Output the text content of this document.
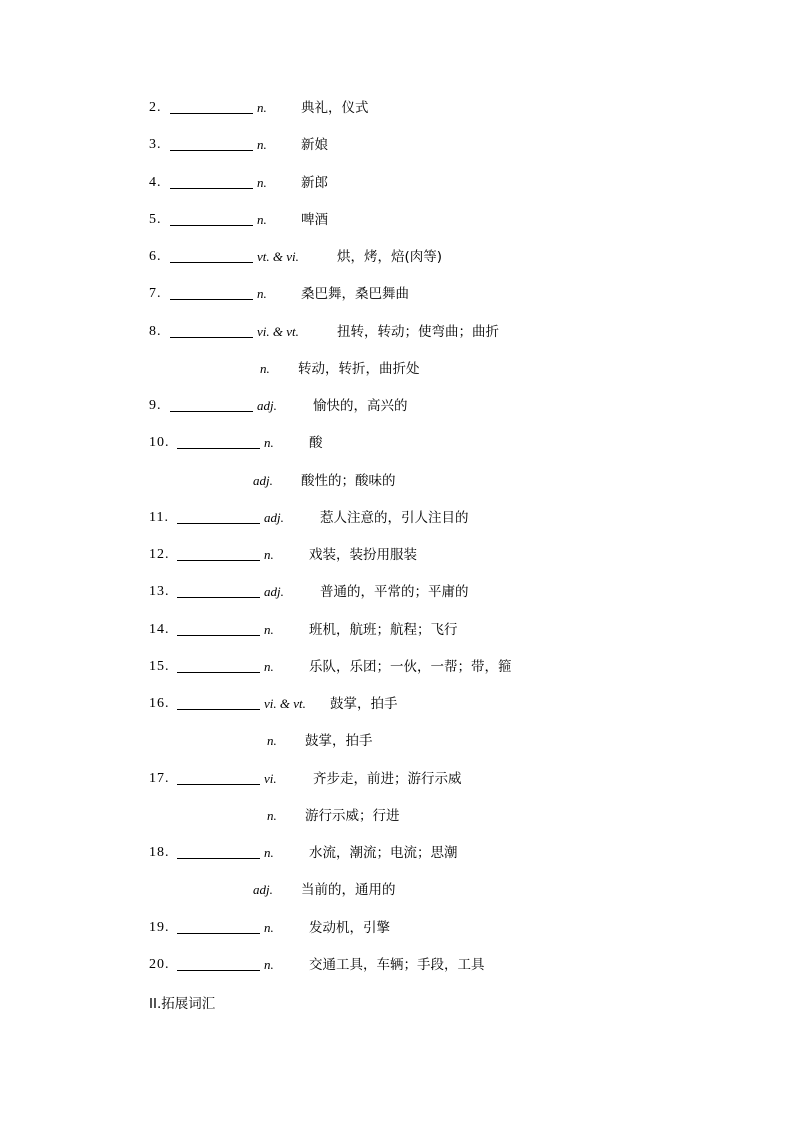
2.	n.	典礼，仪式
3.	n.	新娘
4.	n.	新郎
5.	n.	啤酒
6.	vt. & vi.	烘，烤，焙(肉等)
7.	n.	桑巴舞，桑巴舞曲
8.	vi. & vt.	扭转，转动；使弯曲；曲折
n. 转动，转折，曲折处
9.	adj.	愉快的，高兴的
10.	n.	酸
adj. 酸性的；酸味的
11.	adj.	惹人注意的，引人注目的
12.	n.	戏装，装扮用服装
13.	adj.	普通的，平常的；平庸的
14.	n.	班机，航班；航程；飞行
15.	n.	乐队，乐团；一伙，一帮；带，箍
16.	vi. & vt. 鼓掌，拍手
n. 鼓掌，拍手
17.	vi.	齐步走，前进；游行示威
n. 游行示威；行进
18.	n.	水流，潮流；电流；思潮
adj. 当前的，通用的
19.	n.	发动机，引擎
20.	n.	交通工具，车辆；手段，工具
II.拓展词汇
